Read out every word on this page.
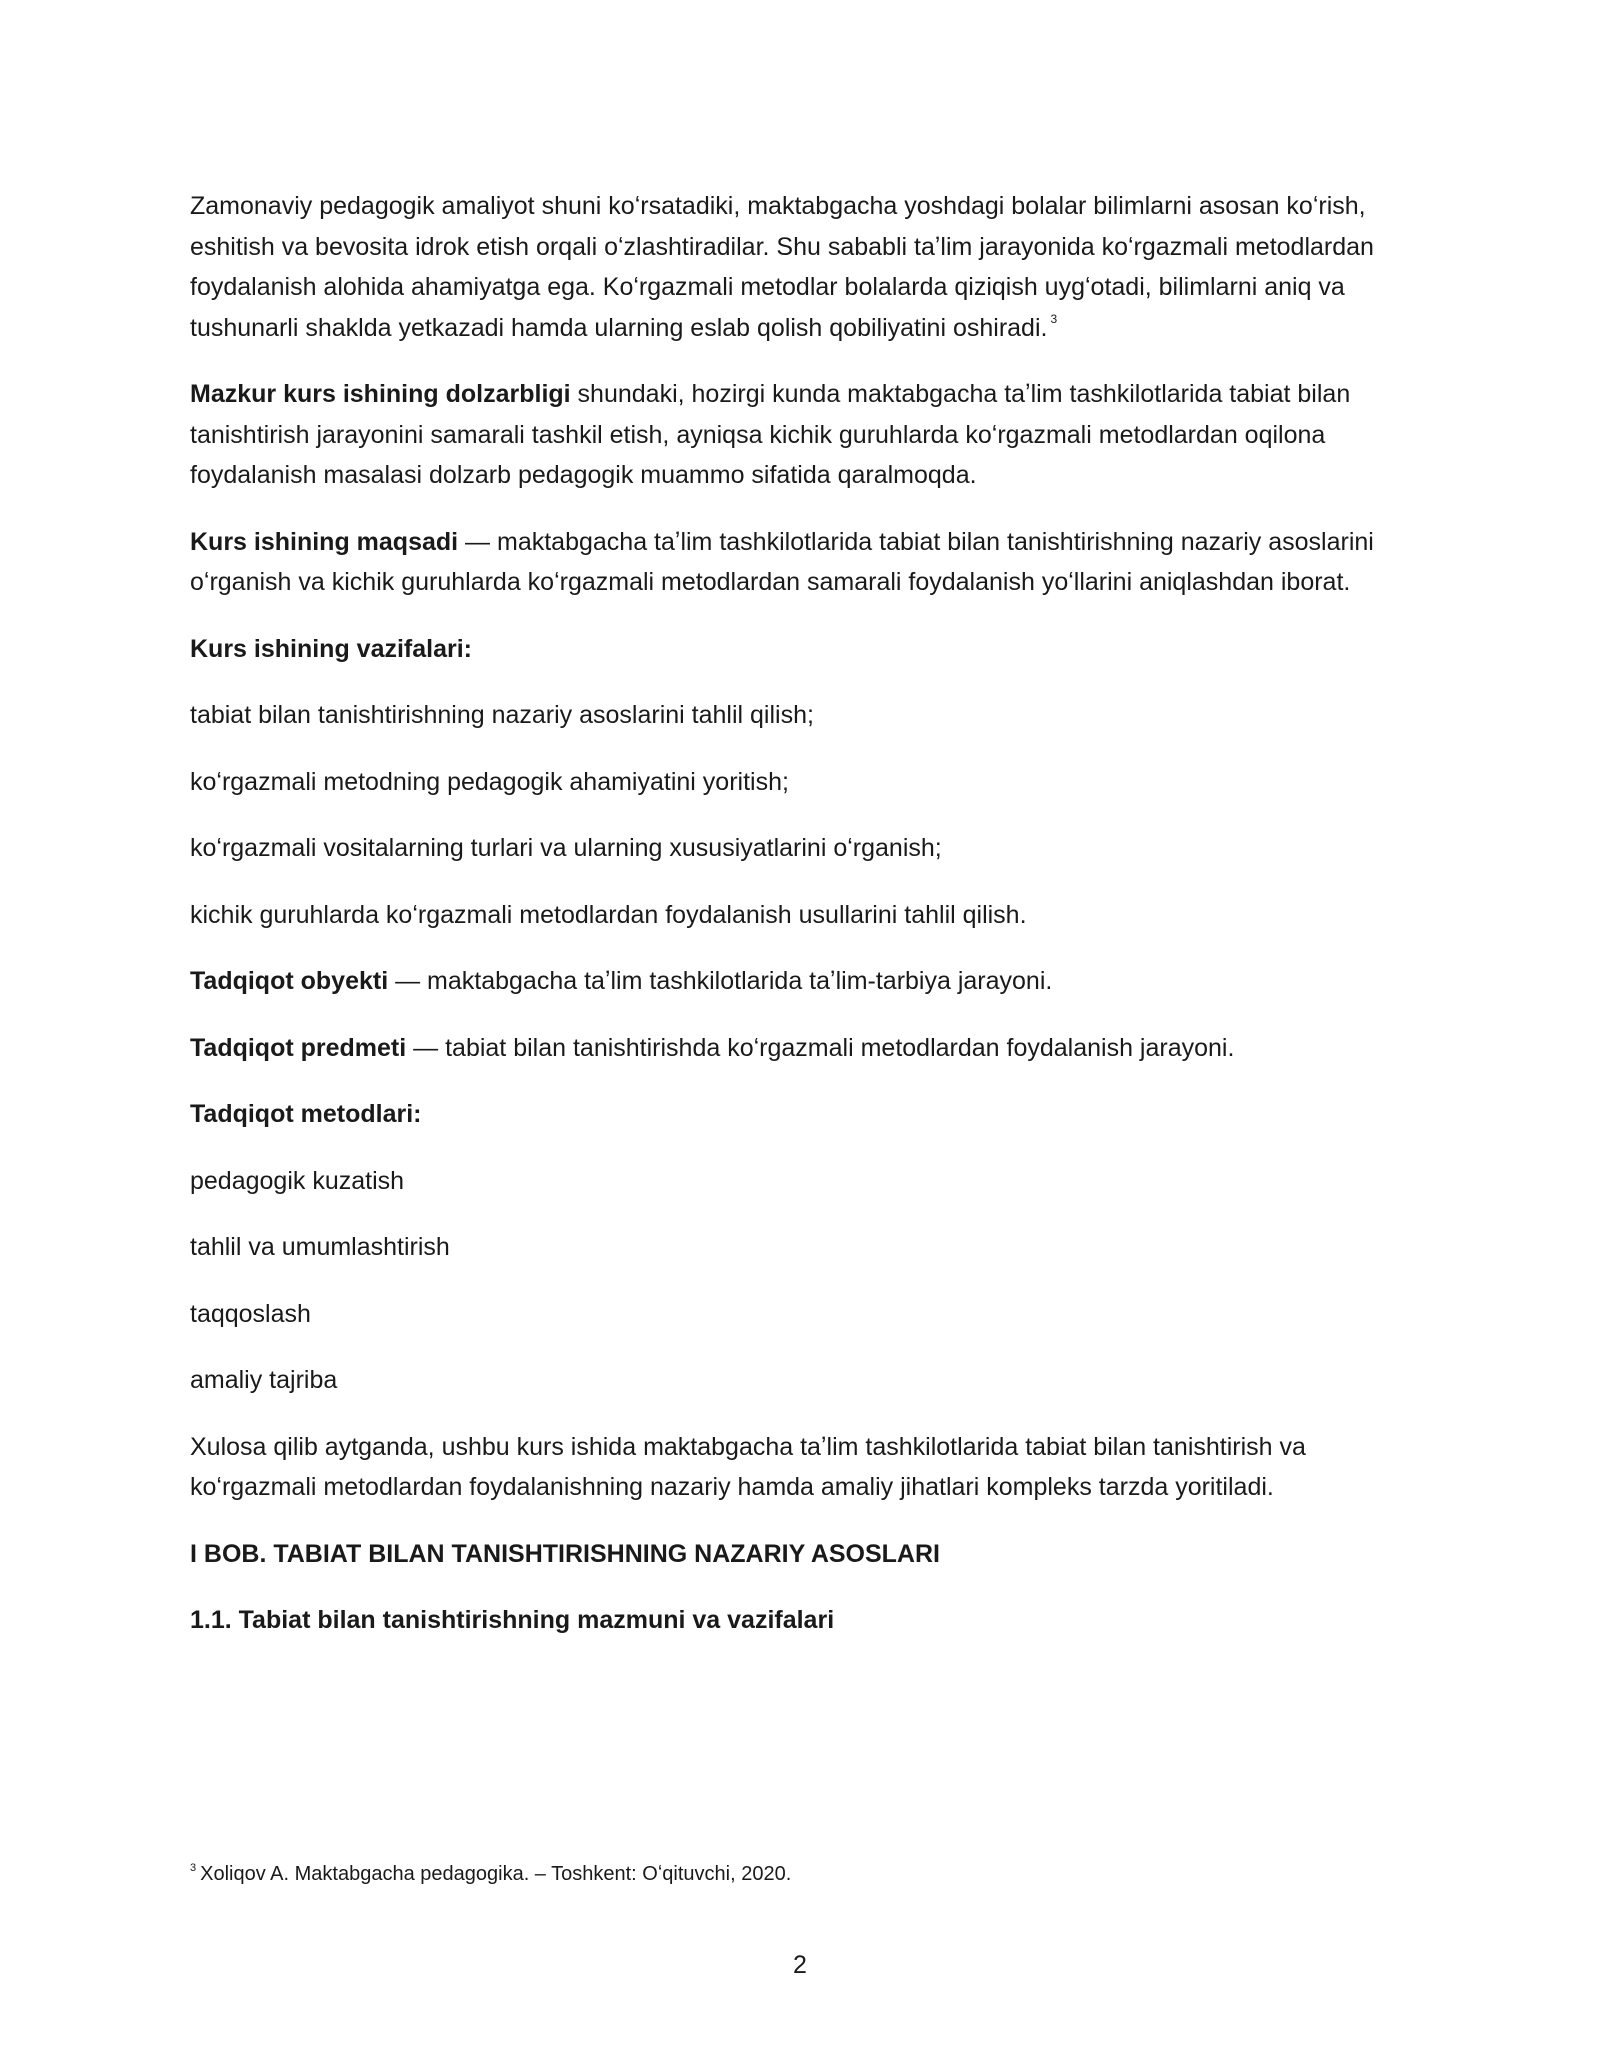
Zamonaviy pedagogik amaliyot shuni koʻrsatadiki, maktabgacha yoshdagi bolalar bilimlarni asosan koʻrish, eshitish va bevosita idrok etish orqali oʻzlashtiradilar. Shu sababli taʼlim jarayonida koʻrgazmali metodlardan foydalanish alohida ahamiyatga ega. Koʻrgazmali metodlar bolalarda qiziqish uygʻotadi, bilimlarni aniq va tushunarli shaklda yetkazadi hamda ularning eslab qolish qobiliyatini oshiradi. $^3$

Mazkur kurs ishining dolzarbligi shundaki, hozirgi kunda maktabgacha taʼlim tashkilotlarida tabiat bilan tanishtirish jarayonini samarali tashkil etish, ayniqsa kichik guruhlarda koʻrgazmali metodlardan oqilona foydalanish masalasi dolzarb pedagogik muammo sifatida qaralmoqda.

Kurs ishining maqsadi — maktabgacha taʼlim tashkilotlarida tabiat bilan tanishtirishning nazariy asoslarini oʻrganish va kichik guruhlarda koʻrgazmali metodlardan samarali foydalanish yoʻllarini aniqlashdan iborat.

Kurs ishining vazifalari:

tabiat bilan tanishtirishning nazariy asoslarini tahlil qilish;

koʻrgazmali metodning pedagogik ahamiyatini yoritish;

koʻrgazmali vositalarning turlari va ularning xususiyatlarini oʻrganish;

kichik guruhlarda koʻrgazmali metodlardan foydalanish usullarini tahlil qilish.

Tadqiqot obyekti — maktabgacha taʼlim tashkilotlarida taʼlim-tarbiya jarayoni.

Tadqiqot predmeti — tabiat bilan tanishtirishda koʻrgazmali metodlardan foydalanish jarayoni.

Tadqiqot metodlari:

pedagogik kuzatish

tahlil va umumlashtirish

taqqoslash

amaliy tajriba

Xulosa qilib aytganda, ushbu kurs ishida maktabgacha taʼlim tashkilotlarida tabiat bilan tanishtirish va koʻrgazmali metodlardan foydalanishning nazariy hamda amaliy jihatlari kompleks tarzda yoritiladi.

I BOB. TABIAT BILAN TANISHTIRISHNING NAZARIY ASOSLARI

1.1. Tabiat bilan tanishtirishning mazmuni va vazifalari

$^3$ Xoliqov A. Maktabgacha pedagogika. – Toshkent: Oʻqituvchi, 2020.
2
